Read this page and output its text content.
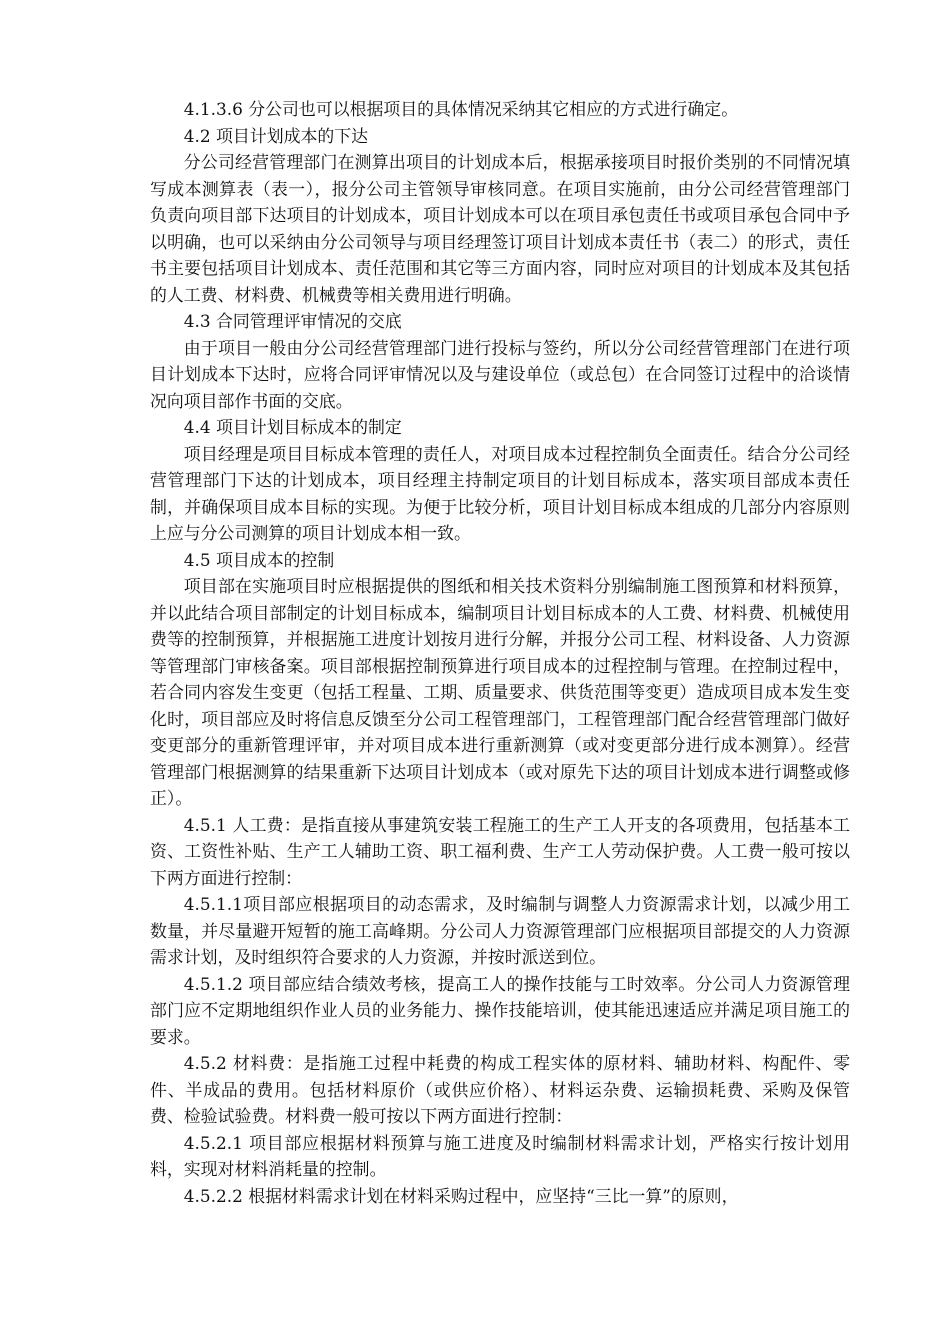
4.1.3.6 分公司也可以根据项目的具体情况采纳其它相应的方式进行确定。

4.2 项目计划成本的下达

分公司经营管理部门在测算出项目的计划成本后，根据承接项目时报价类别的不同情况填写成本测算表（表一），报分公司主管领导审核同意。在项目实施前，由分公司经营管理部门负责向项目部下达项目的计划成本，项目计划成本可以在项目承包责任书或项目承包合同中予以明确，也可以采纳由分公司领导与项目经理签订项目计划成本责任书（表二）的形式，责任书主要包括项目计划成本、责任范围和其它等三方面内容，同时应对项目的计划成本及其包括的人工费、材料费、机械费等相关费用进行明确。

4.3 合同管理评审情况的交底

由于项目一般由分公司经营管理部门进行投标与签约，所以分公司经营管理部门在进行项目计划成本下达时，应将合同评审情况以及与建设单位（或总包）在合同签订过程中的洽谈情况向项目部作书面的交底。

4.4 项目计划目标成本的制定

项目经理是项目目标成本管理的责任人，对项目成本过程控制负全面责任。结合分公司经营管理部门下达的计划成本，项目经理主持制定项目的计划目标成本，落实项目部成本责任制，并确保项目成本目标的实现。为便于比较分析，项目计划目标成本组成的几部分内容原则上应与分公司测算的项目计划成本相一致。

4.5 项目成本的控制

项目部在实施项目时应根据提供的图纸和相关技术资料分别编制施工图预算和材料预算，并以此结合项目部制定的计划目标成本，编制项目计划目标成本的人工费、材料费、机械使用费等的控制预算，并根据施工进度计划按月进行分解，并报分公司工程、材料设备、人力资源等管理部门审核备案。项目部根据控制预算进行项目成本的过程控制与管理。在控制过程中，若合同内容发生变更（包括工程量、工期、质量要求、供货范围等变更）造成项目成本发生变化时，项目部应及时将信息反馈至分公司工程管理部门，工程管理部门配合经营管理部门做好变更部分的重新管理评审，并对项目成本进行重新测算（或对变更部分进行成本测算）。经营管理部门根据测算的结果重新下达项目计划成本（或对原先下达的项目计划成本进行调整或修正）。

4.5.1 人工费：是指直接从事建筑安装工程施工的生产工人开支的各项费用，包括基本工资、工资性补贴、生产工人辅助工资、职工福利费、生产工人劳动保护费。人工费一般可按以下两方面进行控制：

4.5.1.1项目部应根据项目的动态需求，及时编制与调整人力资源需求计划，以减少用工数量，并尽量避开短暂的施工高峰期。分公司人力资源管理部门应根据项目部提交的人力资源需求计划，及时组织符合要求的人力资源，并按时派送到位。

4.5.1.2 项目部应结合绩效考核，提高工人的操作技能与工时效率。分公司人力资源管理部门应不定期地组织作业人员的业务能力、操作技能培训，使其能迅速适应并满足项目施工的要求。

4.5.2 材料费：是指施工过程中耗费的构成工程实体的原材料、辅助材料、构配件、零件、半成品的费用。包括材料原价（或供应价格）、材料运杂费、运输损耗费、采购及保管费、检验试验费。材料费一般可按以下两方面进行控制：

4.5.2.1 项目部应根据材料预算与施工进度及时编制材料需求计划，严格实行按计划用料，实现对材料消耗量的控制。

4.5.2.2 根据材料需求计划在材料采购过程中，应坚持“三比一算”的原则，
